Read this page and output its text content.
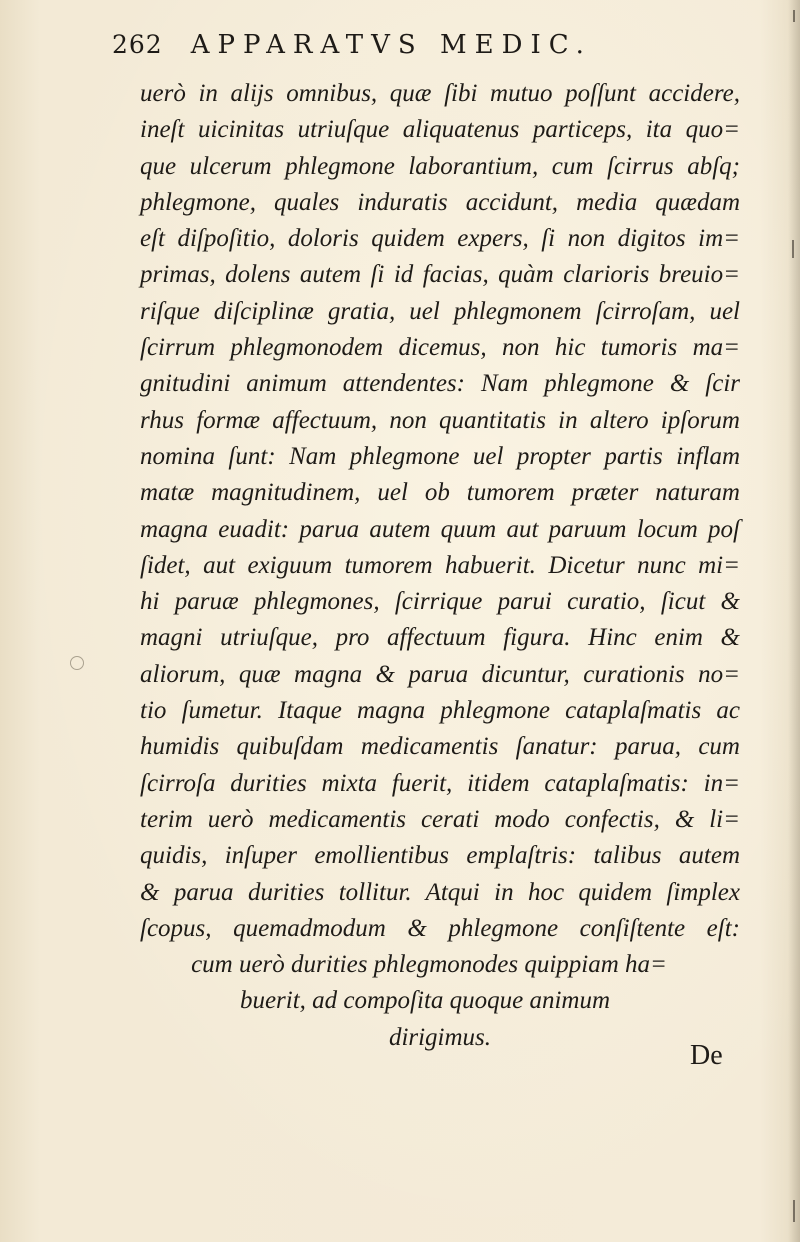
262 APPARATVS MEDIC.
uerò in alijs omnibus, quæ ſibi mutuo poſſunt accidere,
ineſt uicinitas utriuſque aliquatenus particeps, ita quo=
que ulcerum phlegmone laborantium, cum ſcirrus abſq;
phlegmone, quales induratis accidunt, media quædam
eſt diſpoſitio, doloris quidem expers, ſi non digitos im=
primas, dolens autem ſi id facias, quàm clarioris breuio=
riſque diſciplinæ gratia, uel phlegmonem ſcirroſam, uel
ſcirrum phlegmonodem dicemus, non hic tumoris ma=
gnitudini animum attendentes: Nam phlegmone & ſcir
rhus formæ affectuum, non quantitatis in altero ipſorum
nomina ſunt: Nam phlegmone uel propter partis inflam
matæ magnitudinem, uel ob tumorem præter naturam
magna euadit: parua autem quum aut paruum locum poſ
ſidet, aut exiguum tumorem habuerit. Dicetur nunc mi=
hi paruæ phlegmones, ſcirrique parui curatio, ſicut &
magni utriuſque, pro affectuum figura. Hinc enim &
aliorum, quæ magna & parua dicuntur, curationis no=
tio ſumetur. Itaque magna phlegmone cataplaſmatis ac
humidis quibuſdam medicamentis ſanatur: parua, cum
ſcirroſa durities mixta fuerit, itidem cataplaſmatis: in=
terim uerò medicamentis cerati modo confectis, & li=
quidis, inſuper emollientibus emplaſtris: talibus autem
& parua durities tollitur. Atqui in hoc quidem ſimplex
ſcopus, quemadmodum & phlegmone conſiſtente eſt:
cum uerò durities phlegmonodes quippiam ha=
buerit, ad compoſita quoque animum
dirigimus.
De
